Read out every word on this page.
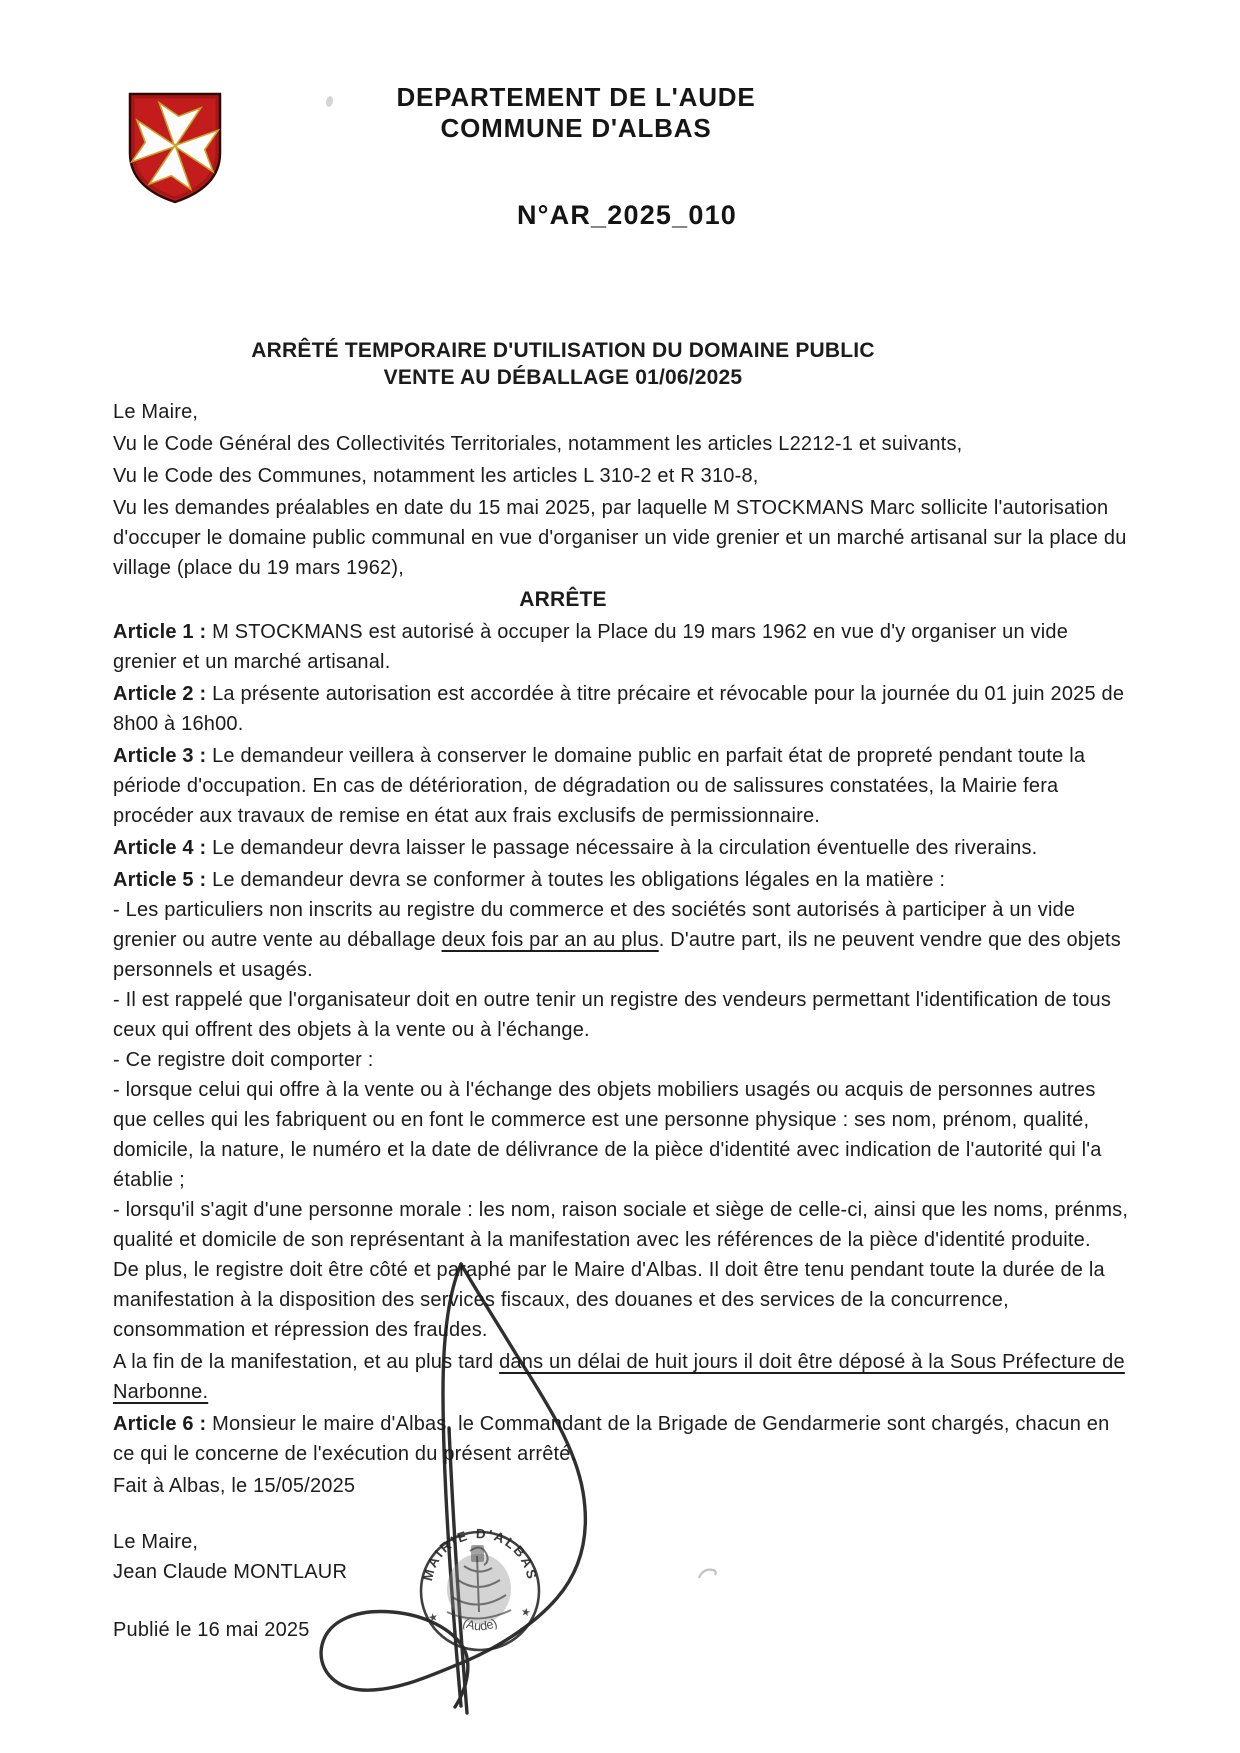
DEPARTEMENT DE L'AUDE
COMMUNE D'ALBAS
N°AR_2025_010
ARRÊTÉ TEMPORAIRE D'UTILISATION DU DOMAINE PUBLIC
VENTE AU DÉBALLAGE 01/06/2025

Le Maire,

Vu le Code Général des Collectivités Territoriales, notamment les articles L2212-1 et suivants,

Vu le Code des Communes, notamment les articles L 310-2 et R 310-8,

Vu les demandes préalables en date du 15 mai 2025, par laquelle M STOCKMANS Marc sollicite l'autorisation d'occuper le domaine public communal en vue d'organiser un vide grenier et un marché artisanal sur la place du village (place du 19 mars 1962),

ARRÊTE

Article 1 : M STOCKMANS est autorisé à occuper la Place du 19 mars 1962 en vue d'y organiser un vide grenier et un marché artisanal.

Article 2 : La présente autorisation est accordée à titre précaire et révocable pour la journée du 01 juin 2025 de 8h00 à 16h00.

Article 3 : Le demandeur veillera à conserver le domaine public en parfait état de propreté pendant toute la période d'occupation. En cas de détérioration, de dégradation ou de salissures constatées, la Mairie fera procéder aux travaux de remise en état aux frais exclusifs de permissionnaire.

Article 4 : Le demandeur devra laisser le passage nécessaire à la circulation éventuelle des riverains.

Article 5 : Le demandeur devra se conformer à toutes les obligations légales en la matière :

- Les particuliers non inscrits au registre du commerce et des sociétés sont autorisés à participer à un vide grenier ou autre vente au déballage deux fois par an au plus. D'autre part, ils ne peuvent vendre que des objets personnels et usagés.
- Il est rappelé que l'organisateur doit en outre tenir un registre des vendeurs permettant l'identification de tous ceux qui offrent des objets à la vente ou à l'échange.
- Ce registre doit comporter :
- lorsque celui qui offre à la vente ou à l'échange des objets mobiliers usagés ou acquis de personnes autres que celles qui les fabriquent ou en font le commerce est une personne physique : ses nom, prénom, qualité, domicile, la nature, le numéro et la date de délivrance de la pièce d'identité avec indication de l'autorité qui l'a établie ;
- lorsqu'il s'agit d'une personne morale : les nom, raison sociale et siège de celle-ci, ainsi que les noms, prénms, qualité et domicile de son représentant à la manifestation avec les références de la pièce d'identité produite.

De plus, le registre doit être côté et paraphé par le Maire d'Albas. Il doit être tenu pendant toute la durée de la manifestation à la disposition des services fiscaux, des douanes et des services de la concurrence, consommation et répression des fraudes.

A la fin de la manifestation, et au plus tard dans un délai de huit jours il doit être déposé à la Sous Préfecture de Narbonne.

Article 6 : Monsieur le maire d'Albas, le Commandant de la Brigade de Gendarmerie sont chargés, chacun en ce qui le concerne de l'exécution du présent arrêté.

Fait à Albas, le 15/05/2025

Le Maire,

Jean Claude MONTLAUR

Publié le 16 mai 2025

★	★
MAIRIE D'ALBAS
(Aude)
